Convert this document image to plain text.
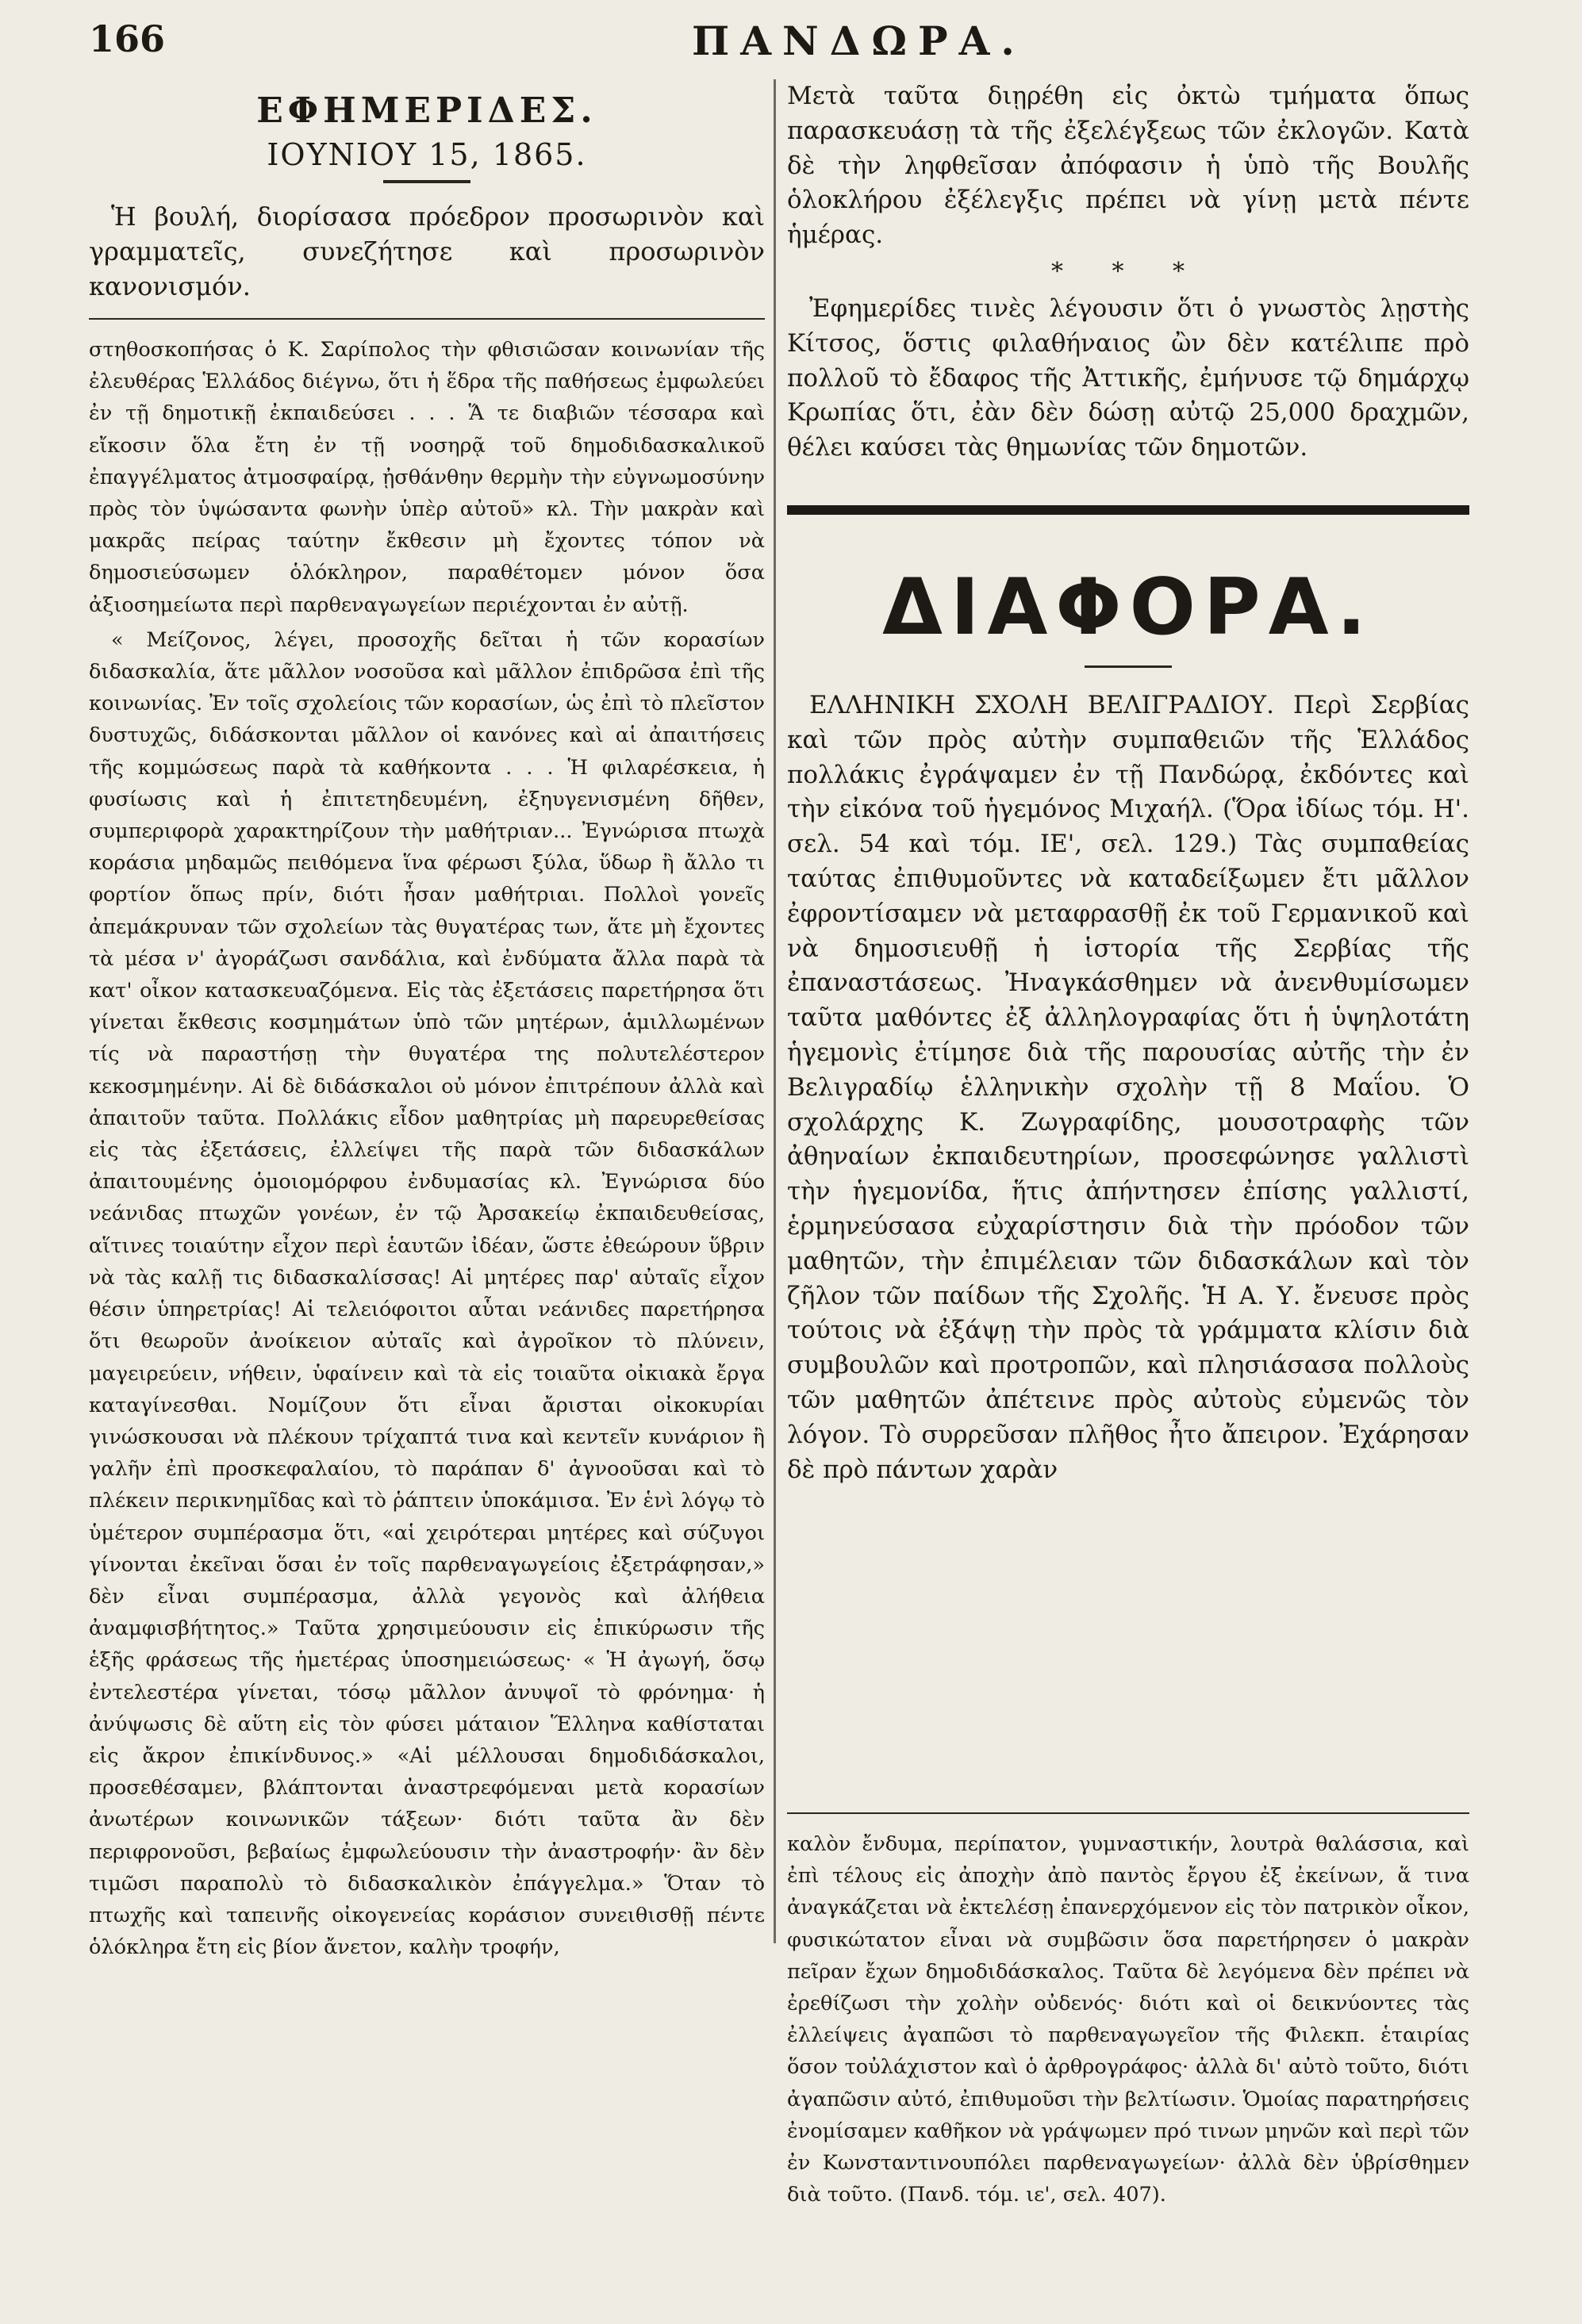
166	ΠΑΝΔΩΡΑ.
ΕΦΗΜΕΡΙΔΕΣ.
ΙΟΥΝΙΟΥ 15, 1865.

Ἡ βουλή, διορίσασα πρόεδρον προσωρινὸν καὶ γραμματεῖς, συνεζήτησε καὶ προσωρινὸν κανονισμόν.

στηθοσκοπήσας ὁ Κ. Σαρίπολος τὴν φθισιῶσαν κοινωνίαν τῆς ἐλευθέρας Ἑλλάδος διέγνω, ὅτι ἡ ἕδρα τῆς παθήσεως ἐμφωλεύει ἐν τῇ δημοτικῇ ἐκπαιδεύσει . . . Ἅ τε διαβιῶν τέσσαρα καὶ εἴκοσιν ὅλα ἔτη ἐν τῇ νοσηρᾷ τοῦ δημοδιδασκαλικοῦ ἐπαγγέλματος ἀτμοσφαίρᾳ, ᾐσθάνθην θερμὴν τὴν εὐγνωμοσύνην πρὸς τὸν ὑψώσαντα φωνὴν ὑπὲρ αὐτοῦ» κλ. Τὴν μακρὰν καὶ μακρᾶς πείρας ταύτην ἔκθεσιν μὴ ἔχοντες τόπον νὰ δημοσιεύσωμεν ὁλόκληρον, παραθέτομεν μόνον ὅσα ἀξιοσημείωτα περὶ παρθεναγωγείων περιέχονται ἐν αὐτῇ.

« Μείζονος, λέγει, προσοχῆς δεῖται ἡ τῶν κορασίων διδασκαλία, ἅτε μᾶλλον νοσοῦσα καὶ μᾶλλον ἐπιδρῶσα ἐπὶ τῆς κοινωνίας. Ἐν τοῖς σχολείοις τῶν κορασίων, ὡς ἐπὶ τὸ πλεῖστον δυστυχῶς, διδάσκονται μᾶλλον οἱ κανόνες καὶ αἱ ἀπαιτήσεις τῆς κομμώσεως παρὰ τὰ καθήκοντα . . . Ἡ φιλαρέσκεια, ἡ φυσίωσις καὶ ἡ ἐπιτετηδευμένη, ἐξηυγενισμένη δῆθεν, συμπεριφορὰ χαρακτηρίζουν τὴν μαθήτριαν... Ἐγνώρισα πτωχὰ κοράσια μηδαμῶς πειθόμενα ἵνα φέρωσι ξύλα, ὕδωρ ἢ ἄλλο τι φορτίον ὅπως πρίν, διότι ἦσαν μαθήτριαι. Πολλοὶ γονεῖς ἀπεμάκρυναν τῶν σχολείων τὰς θυγατέρας των, ἅτε μὴ ἔχοντες τὰ μέσα ν' ἀγοράζωσι σανδάλια, καὶ ἐνδύματα ἄλλα παρὰ τὰ κατ' οἶκον κατασκευαζόμενα. Εἰς τὰς ἐξετάσεις παρετήρησα ὅτι γίνεται ἔκθεσις κοσμημάτων ὑπὸ τῶν μητέρων, ἁμιλλωμένων τίς νὰ παραστήσῃ τὴν θυγατέρα της πολυτελέστερον κεκοσμημένην. Αἱ δὲ διδάσκαλοι οὐ μόνον ἐπιτρέπουν ἀλλὰ καὶ ἀπαιτοῦν ταῦτα. Πολλάκις εἶδον μαθητρίας μὴ παρευρεθείσας εἰς τὰς ἐξετάσεις, ἐλλείψει τῆς παρὰ τῶν διδασκάλων ἀπαιτουμένης ὁμοιομόρφου ἐνδυμασίας κλ. Ἐγνώρισα δύο νεάνιδας πτωχῶν γονέων, ἐν τῷ Ἀρσακείῳ ἐκπαιδευθείσας, αἵτινες τοιαύτην εἶχον περὶ ἑαυτῶν ἰδέαν, ὥστε ἐθεώρουν ὕβριν νὰ τὰς καλῇ τις διδασκαλίσσας! Αἱ μητέρες παρ' αὐταῖς εἶχον θέσιν ὑπηρετρίας! Αἱ τελειόφοιτοι αὗται νεάνιδες παρετήρησα ὅτι θεωροῦν ἀνοίκειον αὐταῖς καὶ ἀγροῖκον τὸ πλύνειν, μαγειρεύειν, νήθειν, ὑφαίνειν καὶ τὰ εἰς τοιαῦτα οἰκιακὰ ἔργα καταγίνεσθαι. Νομίζουν ὅτι εἶναι ἄρισται οἰκοκυρίαι γινώσκουσαι νὰ πλέκουν τρίχαπτά τινα καὶ κεντεῖν κυνάριον ἢ γαλῆν ἐπὶ προσκεφαλαίου, τὸ παράπαν δ' ἀγνοοῦσαι καὶ τὸ πλέκειν περικνημῖδας καὶ τὸ ῥάπτειν ὑποκάμισα. Ἐν ἑνὶ λόγῳ τὸ ὑμέτερον συμπέρασμα ὅτι, «αἱ χειρότεραι μητέρες καὶ σύζυγοι γίνονται ἐκεῖναι ὅσαι ἐν τοῖς παρθεναγωγείοις ἐξετράφησαν,» δὲν εἶναι συμπέρασμα, ἀλλὰ γεγονὸς καὶ ἀλήθεια ἀναμφισβήτητος.» Ταῦτα χρησιμεύουσιν εἰς ἐπικύρωσιν τῆς ἑξῆς φράσεως τῆς ἡμετέρας ὑποσημειώσεως· « Ἡ ἀγωγή, ὅσῳ ἐντελεστέρα γίνεται, τόσῳ μᾶλλον ἀνυψοῖ τὸ φρόνημα· ἡ ἀνύψωσις δὲ αὕτη εἰς τὸν φύσει μάταιον Ἕλληνα καθίσταται εἰς ἄκρον ἐπικίνδυνος.» «Αἱ μέλλουσαι δημοδιδάσκαλοι, προσεθέσαμεν, βλάπτονται ἀναστρεφόμεναι μετὰ κορασίων ἀνωτέρων κοινωνικῶν τάξεων· διότι ταῦτα ἂν δὲν περιφρονοῦσι, βεβαίως ἐμφωλεύουσιν τὴν ἀναστροφήν· ἂν δὲν τιμῶσι παραπολὺ τὸ διδασκαλικὸν ἐπάγγελμα.» Ὅταν τὸ πτωχῆς καὶ ταπεινῆς οἰκογενείας κοράσιον συνειθισθῇ πέντε ὁλόκληρα ἔτη εἰς βίον ἄνετον, καλὴν τροφήν,

Μετὰ ταῦτα διῃρέθη εἰς ὀκτὼ τμήματα ὅπως παρασκευάσῃ τὰ τῆς ἐξελέγξεως τῶν ἐκλογῶν. Κατὰ δὲ τὴν ληφθεῖσαν ἀπόφασιν ἡ ὑπὸ τῆς Βουλῆς ὁλοκλήρου ἐξέλεγξις πρέπει νὰ γίνῃ μετὰ πέντε ἡμέρας.

* * *

Ἐφημερίδες τινὲς λέγουσιν ὅτι ὁ γνωστὸς λῃστὴς Κίτσος, ὅστις φιλαθήναιος ὢν δὲν κατέλιπε πρὸ πολλοῦ τὸ ἔδαφος τῆς Ἀττικῆς, ἐμήνυσε τῷ δημάρχῳ Κρωπίας ὅτι, ἐὰν δὲν δώσῃ αὐτῷ 25,000 δραχμῶν, θέλει καύσει τὰς θημωνίας τῶν δημοτῶν.

ΔΙΑΦΟΡΑ.

ΕΛΛΗΝΙΚΗ ΣΧΟΛΗ ΒΕΛΙΓΡΑΔΙΟΥ. Περὶ Σερβίας καὶ τῶν πρὸς αὐτὴν συμπαθειῶν τῆς Ἑλλάδος πολλάκις ἐγράψαμεν ἐν τῇ Πανδώρᾳ, ἐκδόντες καὶ τὴν εἰκόνα τοῦ ἡγεμόνος Μιχαήλ. (Ὅρα ἰδίως τόμ. Η'. σελ. 54 καὶ τόμ. ΙΕ', σελ. 129.) Τὰς συμπαθείας ταύτας ἐπιθυμοῦντες νὰ καταδείξωμεν ἔτι μᾶλλον ἐφροντίσαμεν νὰ μεταφρασθῇ ἐκ τοῦ Γερμανικοῦ καὶ νὰ δημοσιευθῇ ἡ ἱστορία τῆς Σερβίας τῆς ἐπαναστάσεως. Ἠναγκάσθημεν νὰ ἀνενθυμίσωμεν ταῦτα μαθόντες ἐξ ἀλληλογραφίας ὅτι ἡ ὑψηλοτάτη ἡγεμονὶς ἐτίμησε διὰ τῆς παρουσίας αὐτῆς τὴν ἐν Βελιγραδίῳ ἑλληνικὴν σχολὴν τῇ 8 Μαΐου. Ὁ σχολάρχης Κ. Ζωγραφίδης, μουσοτραφὴς τῶν ἀθηναίων ἐκπαιδευτηρίων, προσεφώνησε γαλλιστὶ τὴν ἡγεμονίδα, ἥτις ἀπήντησεν ἐπίσης γαλλιστί, ἑρμηνεύσασα εὐχαρίστησιν διὰ τὴν πρόοδον τῶν μαθητῶν, τὴν ἐπιμέλειαν τῶν διδασκάλων καὶ τὸν ζῆλον τῶν παίδων τῆς Σχολῆς. Ἡ Α. Υ. ἔνευσε πρὸς τούτοις νὰ ἐξάψῃ τὴν πρὸς τὰ γράμματα κλίσιν διὰ συμβουλῶν καὶ προτροπῶν, καὶ πλησιάσασα πολλοὺς τῶν μαθητῶν ἀπέτεινε πρὸς αὐτοὺς εὐμενῶς τὸν λόγον. Τὸ συρρεῦσαν πλῆθος ἦτο ἄπειρον. Ἐχάρησαν δὲ πρὸ πάντων χαρὰν

καλὸν ἔνδυμα, περίπατον, γυμναστικήν, λουτρὰ θαλάσσια, καὶ ἐπὶ τέλους εἰς ἀποχὴν ἀπὸ παντὸς ἔργου ἐξ ἐκείνων, ἅ τινα ἀναγκάζεται νὰ ἐκτελέσῃ ἐπανερχόμενον εἰς τὸν πατρικὸν οἶκον, φυσικώτατον εἶναι νὰ συμβῶσιν ὅσα παρετήρησεν ὁ μακρὰν πεῖραν ἔχων δημοδιδάσκαλος. Ταῦτα δὲ λεγόμενα δὲν πρέπει νὰ ἐρεθίζωσι τὴν χολὴν οὐδενός· διότι καὶ οἱ δεικνύοντες τὰς ἐλλείψεις ἀγαπῶσι τὸ παρθεναγωγεῖον τῆς Φιλεκπ. ἑταιρίας ὅσον τοὐλάχιστον καὶ ὁ ἀρθρογράφος· ἀλλὰ δι' αὐτὸ τοῦτο, διότι ἀγαπῶσιν αὐτό, ἐπιθυμοῦσι τὴν βελτίωσιν. Ὁμοίας παρατηρήσεις ἐνομίσαμεν καθῆκον νὰ γράψωμεν πρό τινων μηνῶν καὶ περὶ τῶν ἐν Κωνσταντινουπόλει παρθεναγωγείων· ἀλλὰ δὲν ὑβρίσθημεν διὰ τοῦτο. (Πανδ. τόμ. ιε', σελ. 407).
